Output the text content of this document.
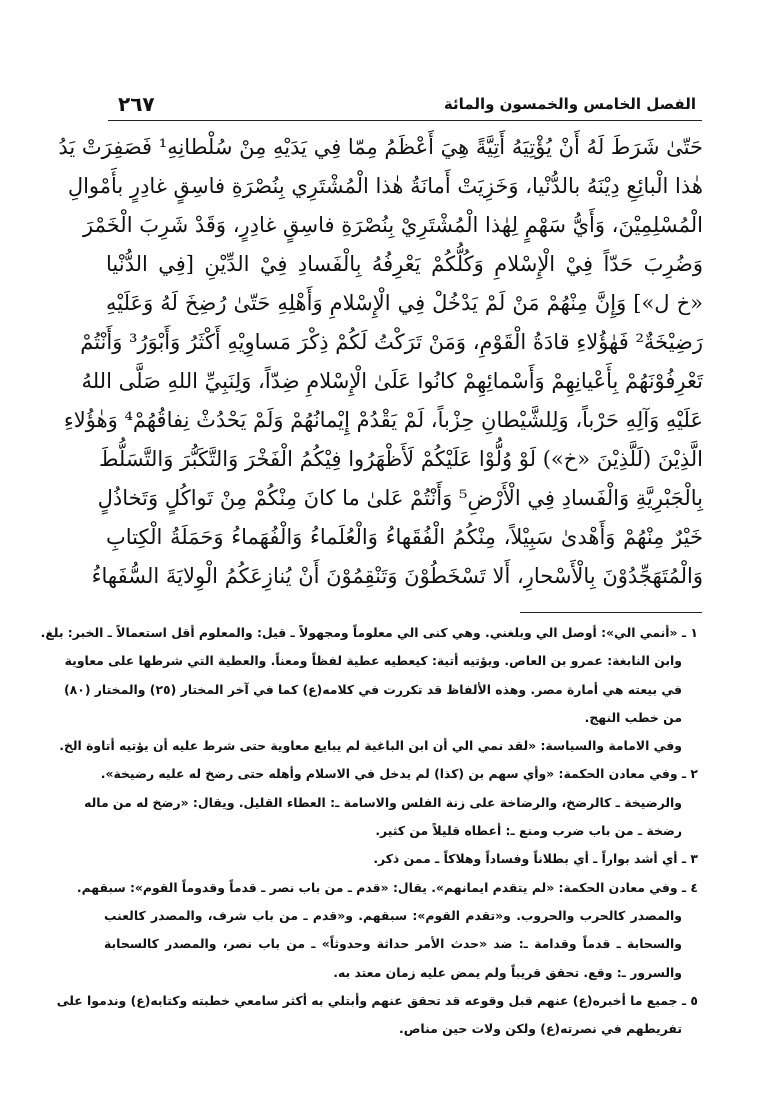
٢٦٧	الفصل الخامس والخمسون والمائة
حَتّىٰ شَرَطَ لَهُ أَنْ يُؤْتِيَهُ أَتِيَّةً هِيَ أَعْظَمُ مِمّا فِي يَدَيْهِ مِنْ سُلْطانِهِ¹ فَصَفِرَتْ يَدُ
هٰذا الْبائِعِ دِيْنَهُ بالدُّنْيا، وَخَزِيَتْ أَمانَةُ هٰذا الْمُشْتَرِي بِنُصْرَةِ فاسِقٍ غادِرٍ بأَمْوالِ
الْمُسْلِمِيْنَ، وَأَيُّ سَهْمٍ لِهٰذا الْمُشْتَرِيْ بِنُصْرَةِ فاسِقٍ غادِرٍ، وَقَدْ شَرِبَ الْخَمْرَ
وَضُرِبَ حَدّاً فِيْ الْإِسْلامِ وَكُلُّكُمْ يَعْرِفُهُ بِالْفَسادِ فِيْ الدِّيْنِ [فِي الدُّنْيا
«خ ل»] وَإِنَّ مِنْهُمْ مَنْ لَمْ يَدْخُلْ فِي الْإِسْلامِ وَأَهْلِهِ حَتّىٰ رُضِخَ لَهُ وَعَلَيْهِ
رَضِيْخَةٌ² فَهٰؤُلاءِ قادَةُ الْقَوْمِ، وَمَنْ تَرَكْتُ لَكُمْ ذِكْرَ مَساوِيْهِ أَكْثَرُ وَأَبْوَرُ³ وَأَنْتُمْ
تَعْرِفُوْنَهُمْ بِأَعْيانِهِمْ وَأَسْمائِهِمْ كانُوا عَلَىٰ الْإِسْلامِ ضِدّاً، وَلِنَبِيِّ اللهِ صَلَّى اللهُ
عَلَيْهِ وَآلِهِ حَرْباً، وَلِلشَّيْطانِ حِزْباً، لَمْ يَقْدُمْ إِيْمانُهُمْ وَلَمْ يَحْدُثْ نِفاقُهُمْ⁴ وَهٰؤُلاءِ
الَّذِيْنَ (لَلَّذِيْنَ «خ») لَوْ وُلُّوْا عَلَيْكُمْ لَأَظْهَرُوا فِيْكُمُ الْفَخْرَ وَالتَّكَبُّرَ وَالتَّسَلُّطَ
بِالْجَبْرِيَّةِ وَالْفَسادِ فِي الْأَرْضِ⁵ وَأَنْتُمْ عَلىٰ ما كانَ مِنْكُمْ مِنْ تَواكُلٍ وَتَخاذُلٍ
خَيْرٌ مِنْهُمْ وَأَهْدىٰ سَبِيْلاً، مِنْكُمُ الْفُقَهاءُ وَالْعُلَماءُ وَالْفُهَماءُ وَحَمَلَةُ الْكِتابِ
وَالْمُتَهَجِّدُوْنَ بِالْأَسْحارِ، أَلا تَسْخَطُوْنَ وَتَنْقِمُوْنَ أَنْ يُنازِعَكُمُ الْوِلايَةَ السُّفَهاءُ
١ ـ «أنمي الي»: أوصل الي وبلغني. وهي كنى الي معلوماً ومجهولاً ـ قيل: والمعلوم أقل استعمالاً ـ الخبر: بلغ.
وابن النابغة: عمرو بن العاص. ويؤتيه أتية: كيعطيه عطية لفظاً ومعناً. والعطية التي شرطها على معاوية
في بيعته هي أمارة مصر. وهذه الألفاظ قد تكررت في كلامه(ع) كما في آخر المختار (٢٥) والمختار (٨٠)
من خطب النهج.
وفي الامامة والسياسة: «لقد نمي الي أن ابن الباغية لم يبايع معاوية حتى شرط عليه أن يؤتيه أتاوة الخ.
٢ ـ وفي معادن الحكمة: «وأي سهم بن (كذا) لم يدخل في الاسلام وأهله حتى رضخ له عليه رضيخة».
والرضيخة ـ كالرضخ، والرضاخة على زنة الفلس والاسامة ـ: العطاء القليل. ويقال: «رضخ له من ماله
رضخة ـ من باب ضرب ومنع ـ: أعطاه قليلاً من كثير.
٣ ـ أي أشد بواراً ـ أي بطلاناً وفساداً وهلاكاً ـ ممن ذكر.
٤ ـ وفي معادن الحكمة: «لم يتقدم ايمانهم». يقال: «قدم ـ من باب نصر ـ قدماً وقدوماً القوم»: سبقهم.
والمصدر كالحرب والحروب. و«تقدم القوم»: سبقهم. و«قدم ـ من باب شرف، والمصدر كالعنب
والسحابة ـ قدماً وقدامة ـ: ضد «حدث الأمر حداثة وحدوثاً» ـ من باب نصر، والمصدر كالسحابة
والسرور ـ: وقع. تحقق قريباً ولم يمض عليه زمان معتد به.
٥ ـ جميع ما أخبره(ع) عنهم قبل وقوعه قد تحقق عنهم وأبتلي به أكثر سامعي خطبته وكتابه(ع) وندموا على
تفريطهم في نصرته(ع) ولكن ولات حين مناص.
